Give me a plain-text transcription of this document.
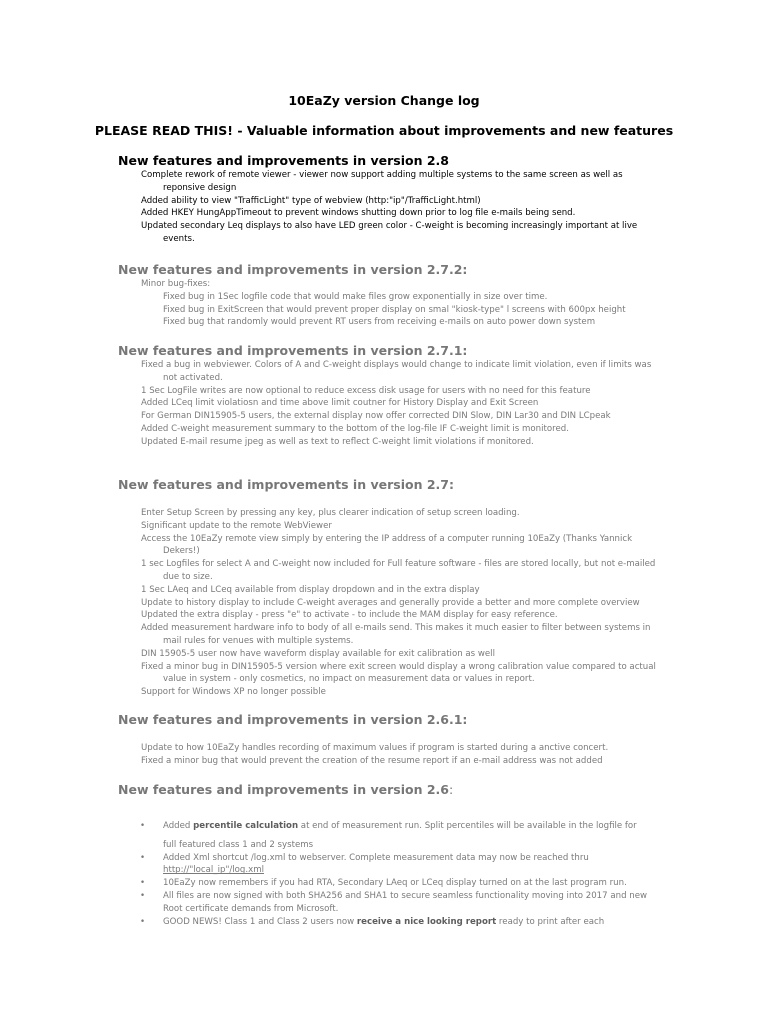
10EaZy version Change log
PLEASE READ THIS! - Valuable information about improvements and new features
New features and improvements in version 2.8

Complete rework of remote viewer - viewer now support adding multiple systems to the same screen as well as reponsive design

Added ability to view "TrafficLight" type of webview (http:"ip"/TrafficLight.html)

Added HKEY HungAppTimeout to prevent windows shutting down prior to log file e-mails being send.

Updated secondary Leq displays to also have LED green color - C-weight is becoming increasingly important at live events.

New features and improvements in version 2.7.2:

Minor bug-fixes:

Fixed bug in 1Sec logfile code that would make files grow exponentially in size over time.

Fixed bug in ExitScreen that would prevent proper display on smal "kiosk-type" l screens with 600px height

Fixed bug that randomly would prevent RT users from receiving e-mails on auto power down system

New features and improvements in version 2.7.1:

Fixed a bug in webviewer. Colors of A and C-weight displays would change to indicate limit violation, even if limits was not activated.

1 Sec LogFile writes are now optional to reduce excess disk usage for users with no need for this feature

Added LCeq limit violatiosn and time above limit coutner for History Display and Exit Screen

For German DIN15905-5 users, the external display now offer corrected DIN Slow, DIN Lar30 and DIN LCpeak

Added C-weight measurement summary to the bottom of the log-file IF C-weight limit is monitored.

Updated E-mail resume jpeg as well as text to reflect C-weight limit violations if monitored.

New features and improvements in version 2.7:

Enter Setup Screen by pressing any key, plus clearer indication of setup screen loading.

Significant update to the remote WebViewer

Access the 10EaZy remote view simply by entering the IP address of a computer running 10EaZy (Thanks Yannick Dekers!)

1 sec Logfiles for select A and C-weight now included for Full feature software - files are stored locally, but not e-mailed due to size.

1 Sec LAeq and LCeq available from display dropdown and in the extra display

Update to history display to include C-weight averages and generally provide a better and more complete overview

Updated the extra display - press "e" to activate - to include the MAM display for easy reference.

Added measurement hardware info to body of all e-mails send. This makes it much easier to filter between systems in mail rules for venues with multiple systems.

DIN 15905-5 user now have waveform display available for exit calibration as well

Fixed a minor bug in DIN15905-5 version where exit screen would display a wrong calibration value compared to actual value in system - only cosmetics, no impact on measurement data or values in report.

Support for Windows XP no longer possible

New features and improvements in version 2.6.1:

Update to how 10EaZy handles recording of maximum values if program is started during a anctive concert.

Fixed a minor bug that would prevent the creation of the resume report if an e-mail address was not added

New features and improvements in version 2.6:
• Added percentile calculation at end of measurement run. Split percentiles will be available in the logfile for
full featured class 1 and 2 systems
• Added Xml shortcut /log.xml to webserver. Complete measurement data may now be reached thru
http://"local_ip"/log.xml
• 10EaZy now remembers if you had RTA, Secondary LAeq or LCeq display turned on at the last program run.
• All files are now signed with both SHA256 and SHA1 to secure seamless functionality moving into 2017 and new Root certificate demands from Microsoft.
• GOOD NEWS! Class 1 and Class 2 users now receive a nice looking report ready to print after each
